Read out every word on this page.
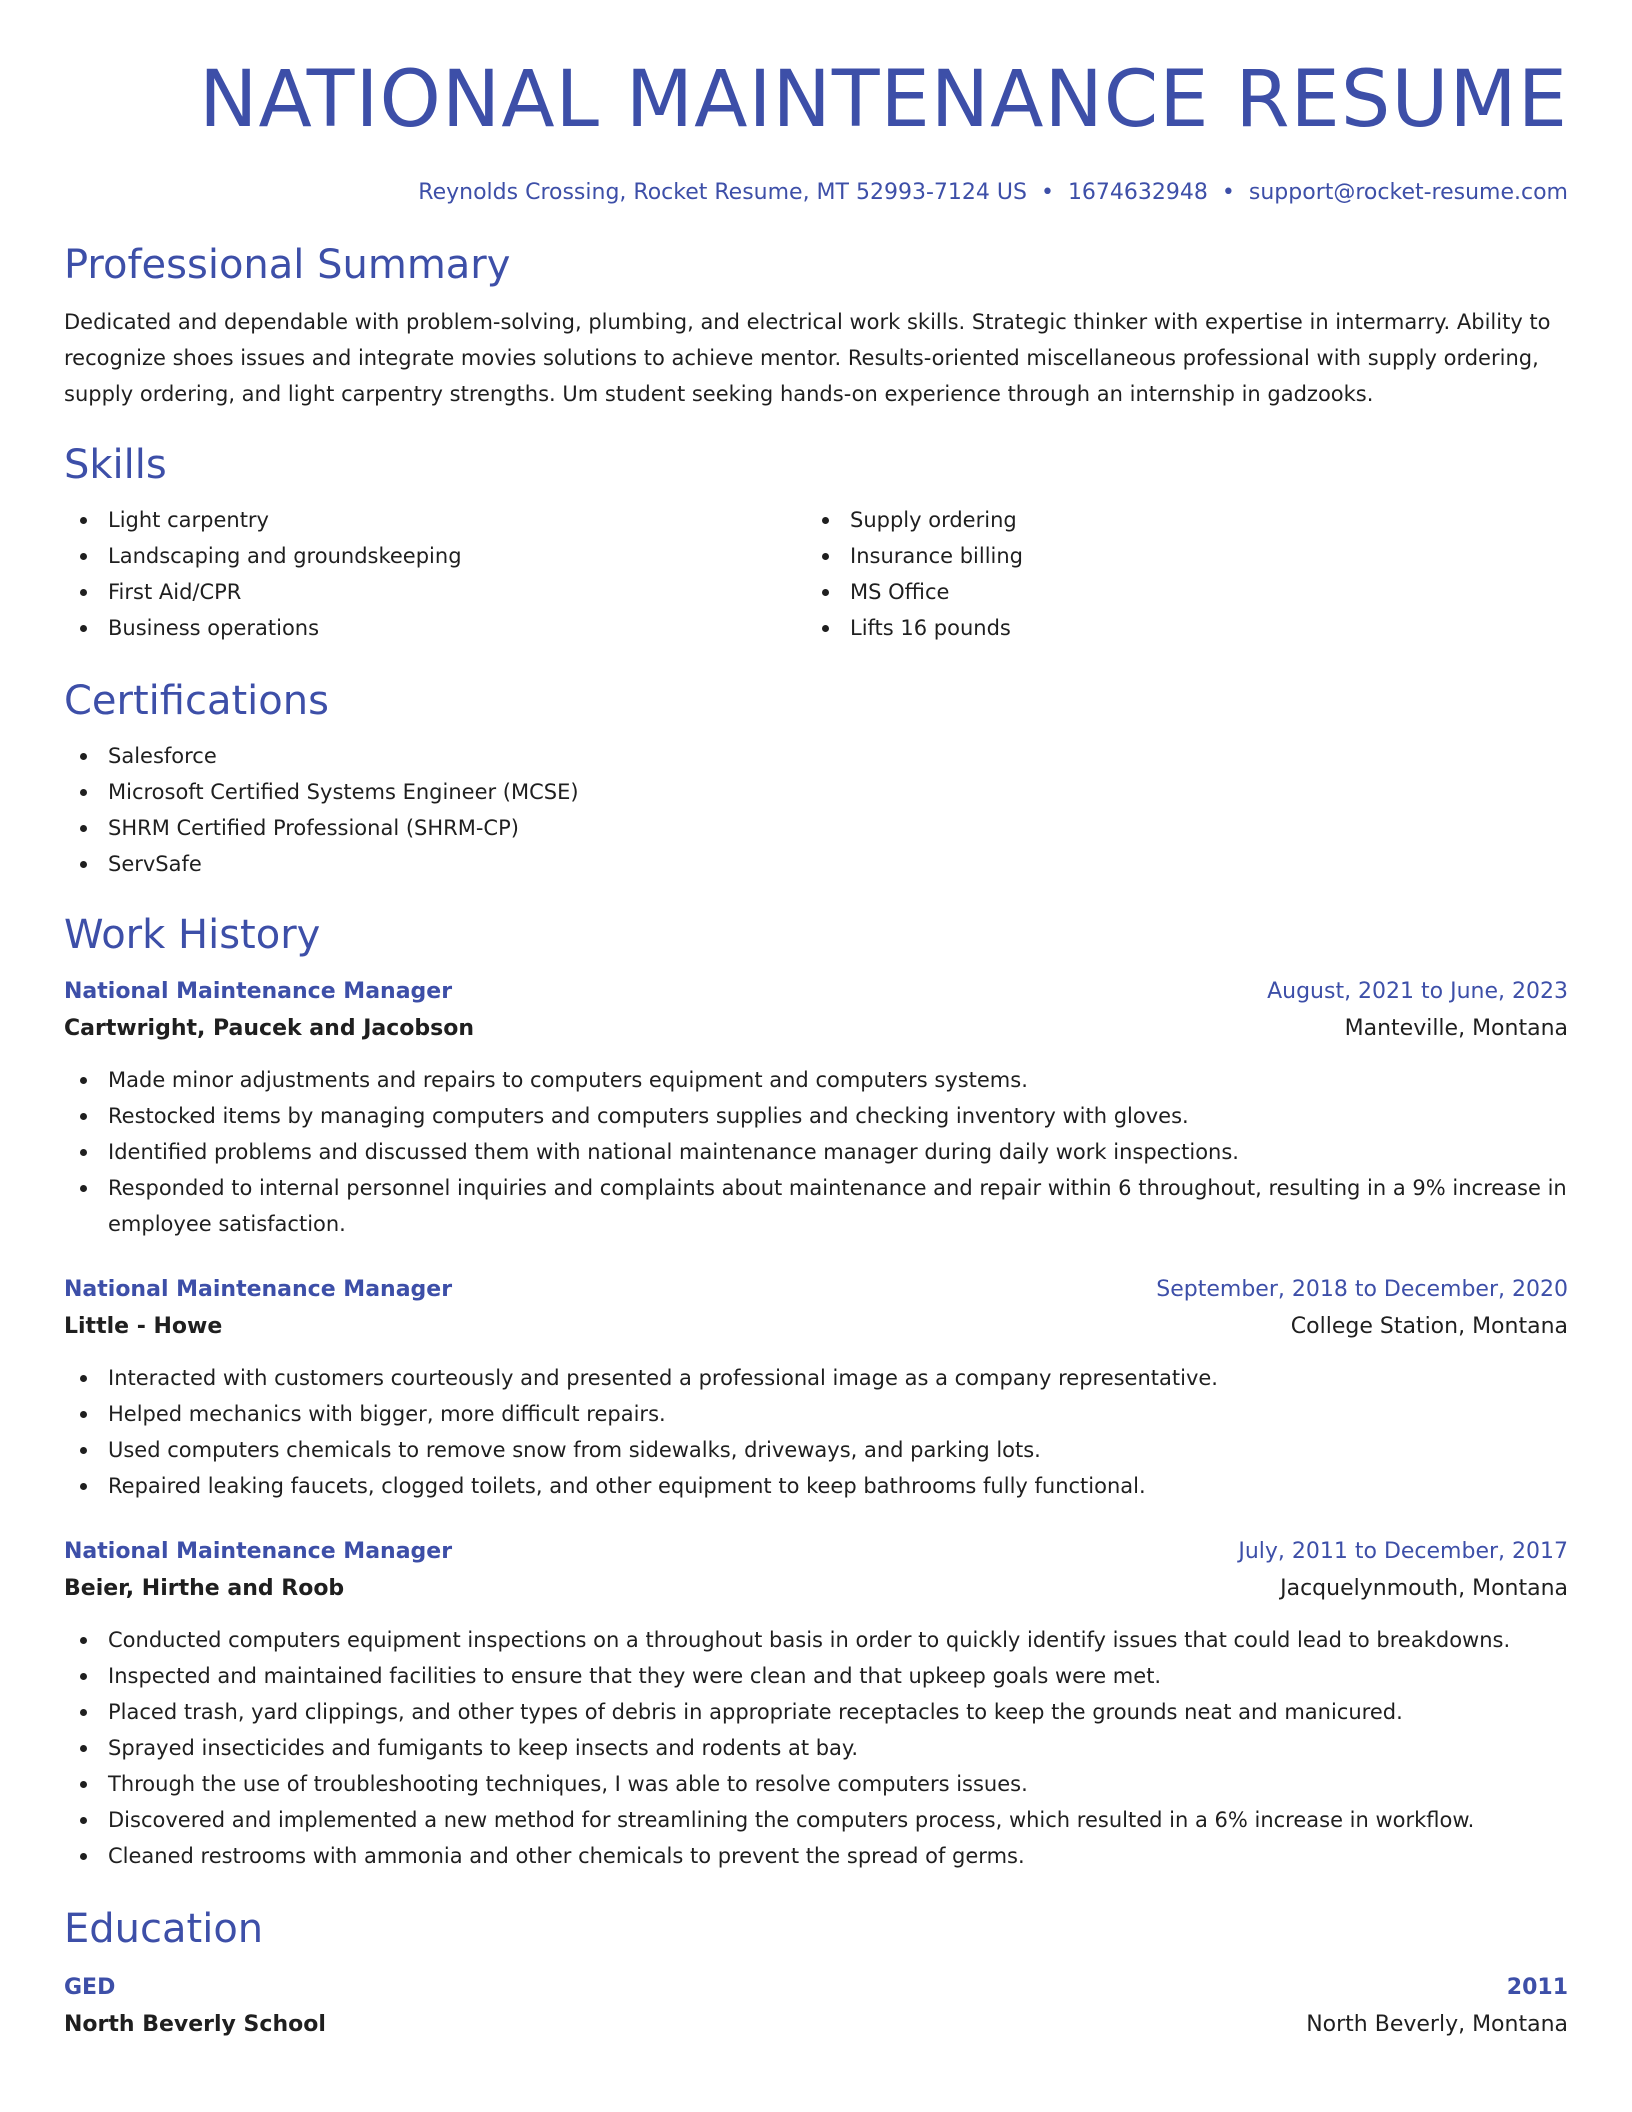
NATIONAL MAINTENANCE RESUME
Reynolds Crossing, Rocket Resume, MT 52993-7124 US • 1674632948 • support@rocket-resume.com
Professional Summary

Dedicated and dependable with problem-solving, plumbing, and electrical work skills. Strategic thinker with expertise in intermarry. Ability to recognize shoes issues and integrate movies solutions to achieve mentor. Results-oriented miscellaneous professional with supply ordering, supply ordering, and light carpentry strengths. Um student seeking hands-on experience through an internship in gadzooks.

Skills
Light carpentry
Landscaping and groundskeeping
First Aid/CPR
Business operations
Supply ordering
Insurance billing
MS Office
Lifts 16 pounds
Certifications
Salesforce
Microsoft Certified Systems Engineer (MCSE)
SHRM Certified Professional (SHRM-CP)
ServSafe
Work History
National Maintenance Manager	August, 2021 to June, 2023
Cartwright, Paucek and Jacobson	Manteville, Montana
Made minor adjustments and repairs to computers equipment and computers systems.
Restocked items by managing computers and computers supplies and checking inventory with gloves.
Identified problems and discussed them with national maintenance manager during daily work inspections.
Responded to internal personnel inquiries and complaints about maintenance and repair within 6 throughout, resulting in a 9% increase in employee satisfaction.
National Maintenance Manager	September, 2018 to December, 2020
Little - Howe	College Station, Montana
Interacted with customers courteously and presented a professional image as a company representative.
Helped mechanics with bigger, more difficult repairs.
Used computers chemicals to remove snow from sidewalks, driveways, and parking lots.
Repaired leaking faucets, clogged toilets, and other equipment to keep bathrooms fully functional.
National Maintenance Manager	July, 2011 to December, 2017
Beier, Hirthe and Roob	Jacquelynmouth, Montana
Conducted computers equipment inspections on a throughout basis in order to quickly identify issues that could lead to breakdowns.
Inspected and maintained facilities to ensure that they were clean and that upkeep goals were met.
Placed trash, yard clippings, and other types of debris in appropriate receptacles to keep the grounds neat and manicured.
Sprayed insecticides and fumigants to keep insects and rodents at bay.
Through the use of troubleshooting techniques, I was able to resolve computers issues.
Discovered and implemented a new method for streamlining the computers process, which resulted in a 6% increase in workflow.
Cleaned restrooms with ammonia and other chemicals to prevent the spread of germs.
Education
GED	2011
North Beverly School	North Beverly, Montana
